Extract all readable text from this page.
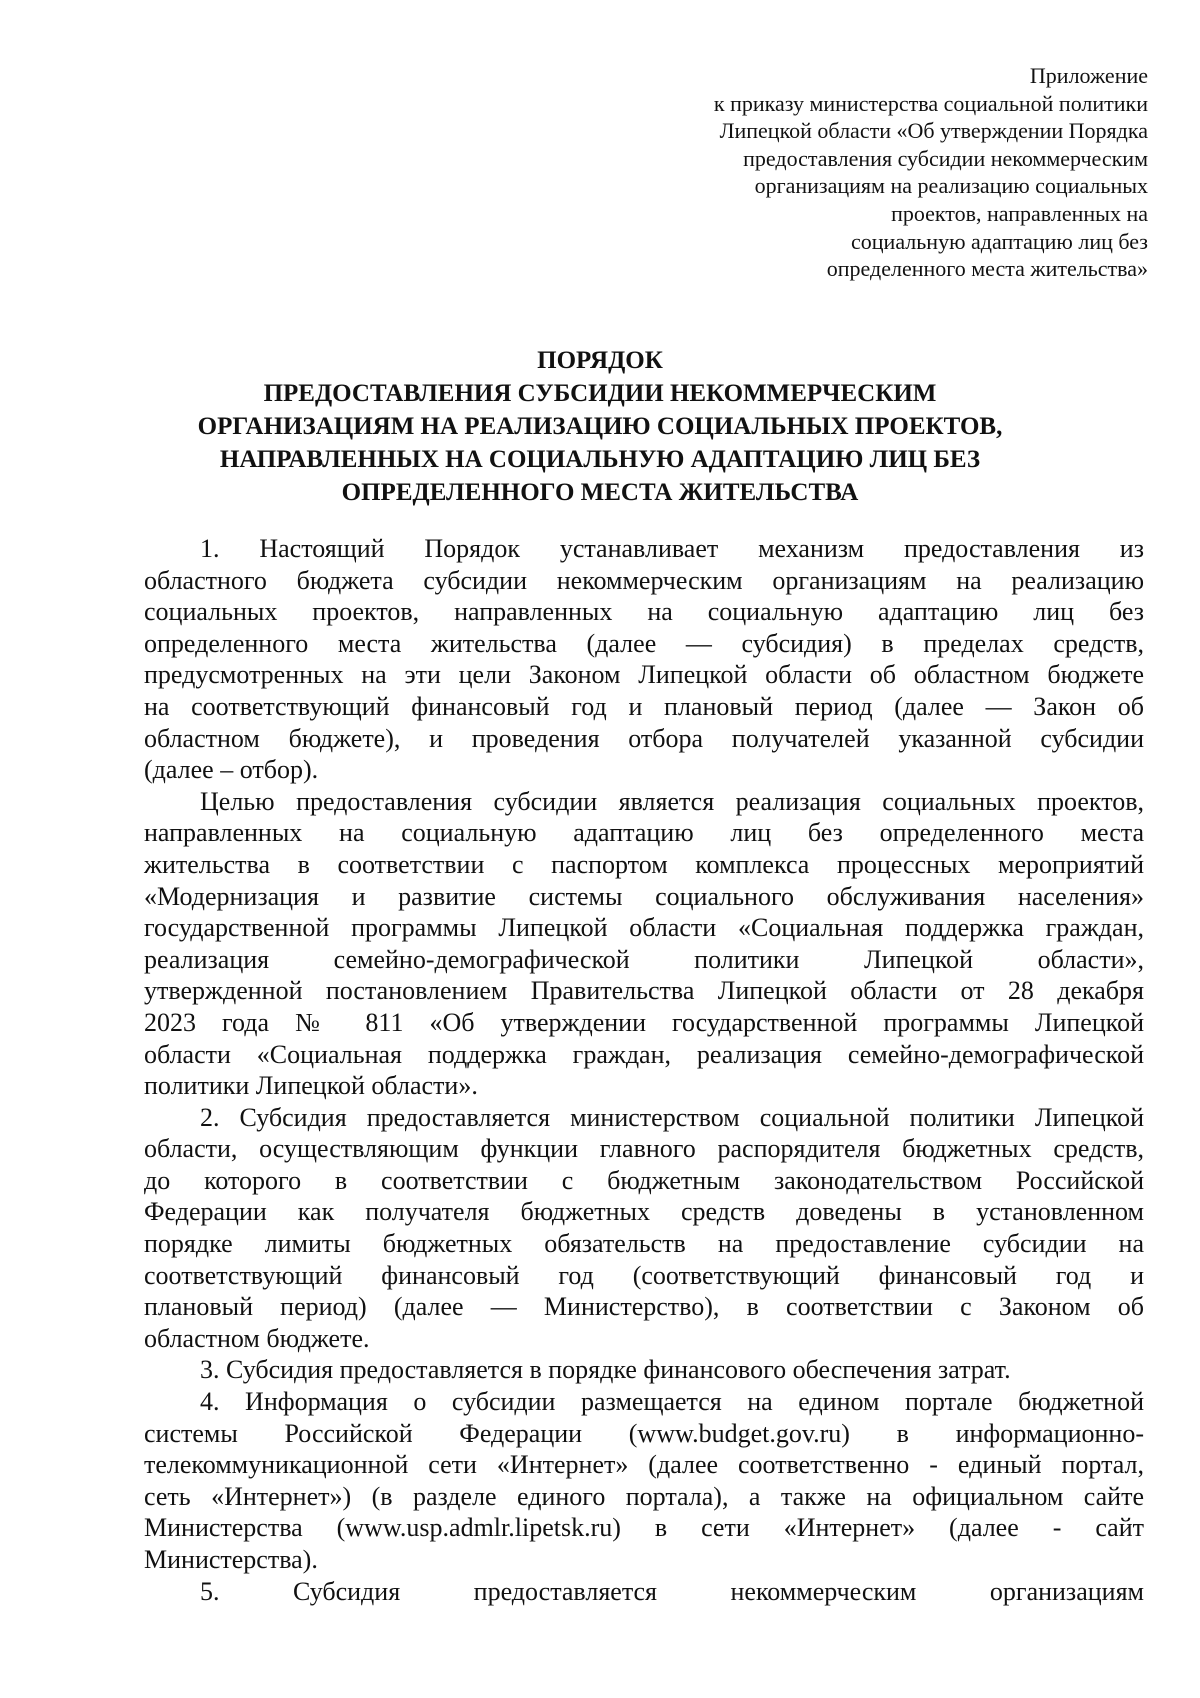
Приложение
к приказу министерства социальной политики
Липецкой области «Об утверждении Порядка
предоставления субсидии некоммерческим
организациям на реализацию социальных
проектов, направленных на
социальную адаптацию лиц без
определенного места жительства»
ПОРЯДОК
ПРЕДОСТАВЛЕНИЯ СУБСИДИИ НЕКОММЕРЧЕСКИМ
ОРГАНИЗАЦИЯМ НА РЕАЛИЗАЦИЮ СОЦИАЛЬНЫХ ПРОЕКТОВ,
НАПРАВЛЕННЫХ НА СОЦИАЛЬНУЮ АДАПТАЦИЮ ЛИЦ БЕЗ
ОПРЕДЕЛЕННОГО МЕСТА ЖИТЕЛЬСТВА
1. Настоящий Порядок устанавливает механизм предоставления из
областного бюджета субсидии некоммерческим организациям на реализацию
социальных проектов, направленных на социальную адаптацию лиц без
определенного места жительства (далее — субсидия) в пределах средств,
предусмотренных на эти цели Законом Липецкой области об областном бюджете
на соответствующий финансовый год и плановый период (далее — Закон об
областном бюджете), и проведения отбора получателей указанной субсидии
(далее – отбор).
Целью предоставления субсидии является реализация социальных проектов,
направленных на социальную адаптацию лиц без определенного места
жительства в соответствии с паспортом комплекса процессных мероприятий
«Модернизация и развитие системы социального обслуживания населения»
государственной программы Липецкой области «Социальная поддержка граждан,
реализация семейно-демографической политики Липецкой области»,
утвержденной постановлением Правительства Липецкой области от 28 декабря
2023 года № 811 «Об утверждении государственной программы Липецкой
области «Социальная поддержка граждан, реализация семейно-демографической
политики Липецкой области».
2. Субсидия предоставляется министерством социальной политики Липецкой
области, осуществляющим функции главного распорядителя бюджетных средств,
до которого в соответствии с бюджетным законодательством Российской
Федерации как получателя бюджетных средств доведены в установленном
порядке лимиты бюджетных обязательств на предоставление субсидии на
соответствующий финансовый год (соответствующий финансовый год и
плановый период) (далее — Министерство), в соответствии с Законом об
областном бюджете.
3. Субсидия предоставляется в порядке финансового обеспечения затрат.
4. Информация о субсидии размещается на едином портале бюджетной
системы Российской Федерации (www.budget.gov.ru) в информационно-
телекоммуникационной сети «Интернет» (далее соответственно - единый портал,
сеть «Интернет») (в разделе единого портала), а также на официальном сайте
Министерства (www.usp.admlr.lipetsk.ru) в сети «Интернет» (далее - сайт
Министерства).
5. Субсидия предоставляется некоммерческим организациям
